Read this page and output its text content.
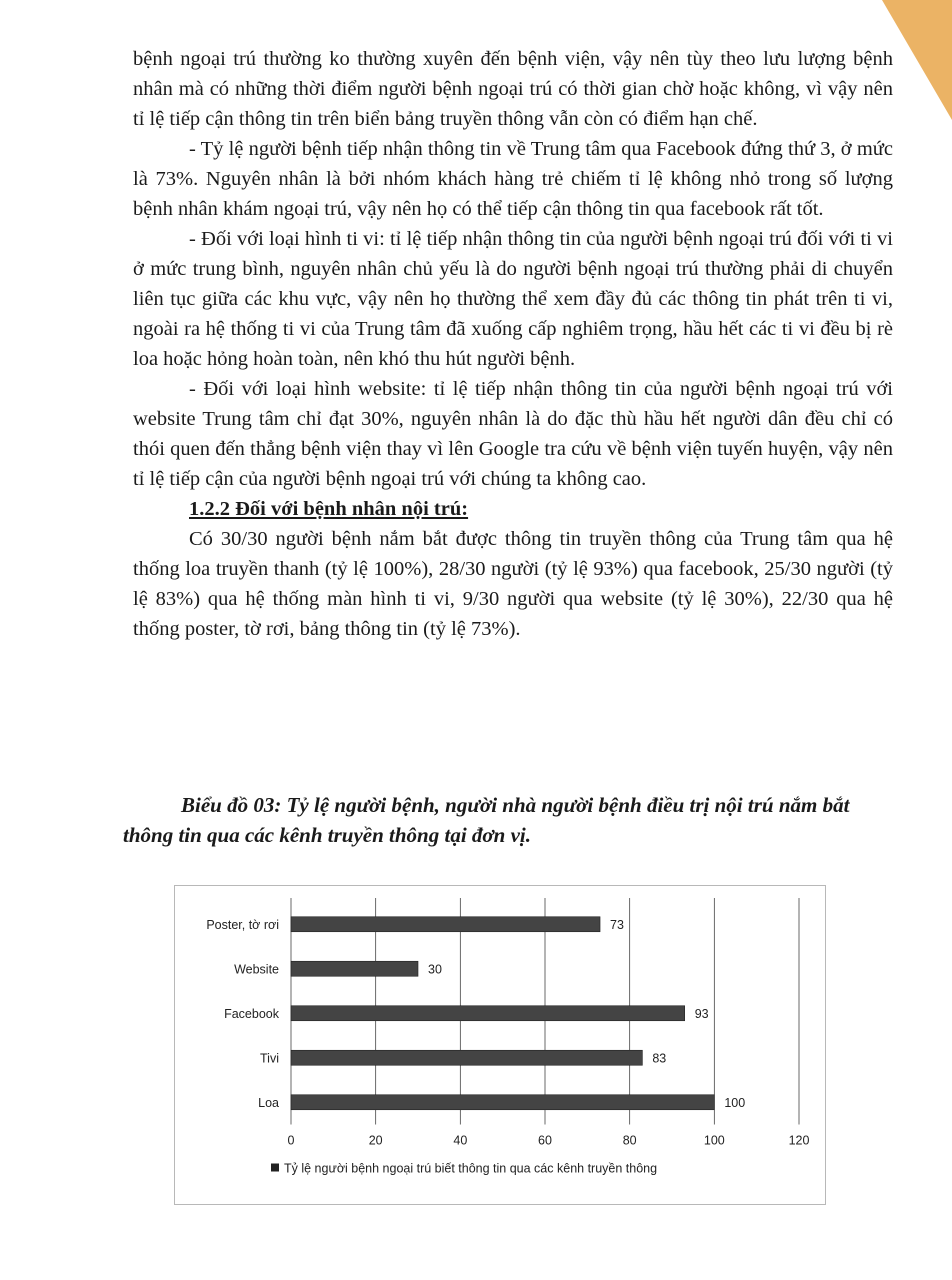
bệnh ngoại trú thường ko thường xuyên đến bệnh viện, vậy nên tùy theo lưu lượng bệnh nhân mà có những thời điểm người bệnh ngoại trú có thời gian chờ hoặc không, vì vậy nên tỉ lệ tiếp cận thông tin trên biển bảng truyền thông vẫn còn có điểm hạn chế.

- Tỷ lệ người bệnh tiếp nhận thông tin về Trung tâm qua Facebook đứng thứ 3, ở mức là 73%. Nguyên nhân là bởi nhóm khách hàng trẻ chiếm tỉ lệ không nhỏ trong số lượng bệnh nhân khám ngoại trú, vậy nên họ có thể tiếp cận thông tin qua facebook rất tốt.

- Đối với loại hình ti vi: tỉ lệ tiếp nhận thông tin của người bệnh ngoại trú đối với ti vi ở mức trung bình, nguyên nhân chủ yếu là do người bệnh ngoại trú thường phải di chuyển liên tục giữa các khu vực, vậy nên họ thường thể xem đầy đủ các thông tin phát trên ti vi, ngoài ra hệ thống ti vi của Trung tâm đã xuống cấp nghiêm trọng, hầu hết các ti vi đều bị rè loa hoặc hỏng hoàn toàn, nên khó thu hút người bệnh.

- Đối với loại hình website: tỉ lệ tiếp nhận thông tin của người bệnh ngoại trú với website Trung tâm chỉ đạt 30%, nguyên nhân là do đặc thù hầu hết người dân đều chỉ có thói quen đến thẳng bệnh viện thay vì lên Google tra cứu về bệnh viện tuyến huyện, vậy nên tỉ lệ tiếp cận của người bệnh ngoại trú với chúng ta không cao.

1.2.2 Đối với bệnh nhân nội trú:

Có 30/30 người bệnh nắm bắt được thông tin truyền thông của Trung tâm qua hệ thống loa truyền thanh (tỷ lệ 100%), 28/30 người (tỷ lệ 93%) qua facebook, 25/30 người (tỷ lệ 83%) qua hệ thống màn hình ti vi, 9/30 người qua website (tỷ lệ 30%), 22/30 qua hệ thống poster, tờ rơi, bảng thông tin (tỷ lệ 73%).

Biểu đồ 03: Tỷ lệ người bệnh, người nhà người bệnh điều trị nội trú nắm bắt thông tin qua các kênh truyền thông tại đơn vị.

0	20	40	60	80	100	120
Poster, tờ rơi	73
Website	30
Facebook	93
Tivi	83
Loa	100
Tỷ lệ người bệnh ngoại trú biết thông tin qua các kênh truyền thông
